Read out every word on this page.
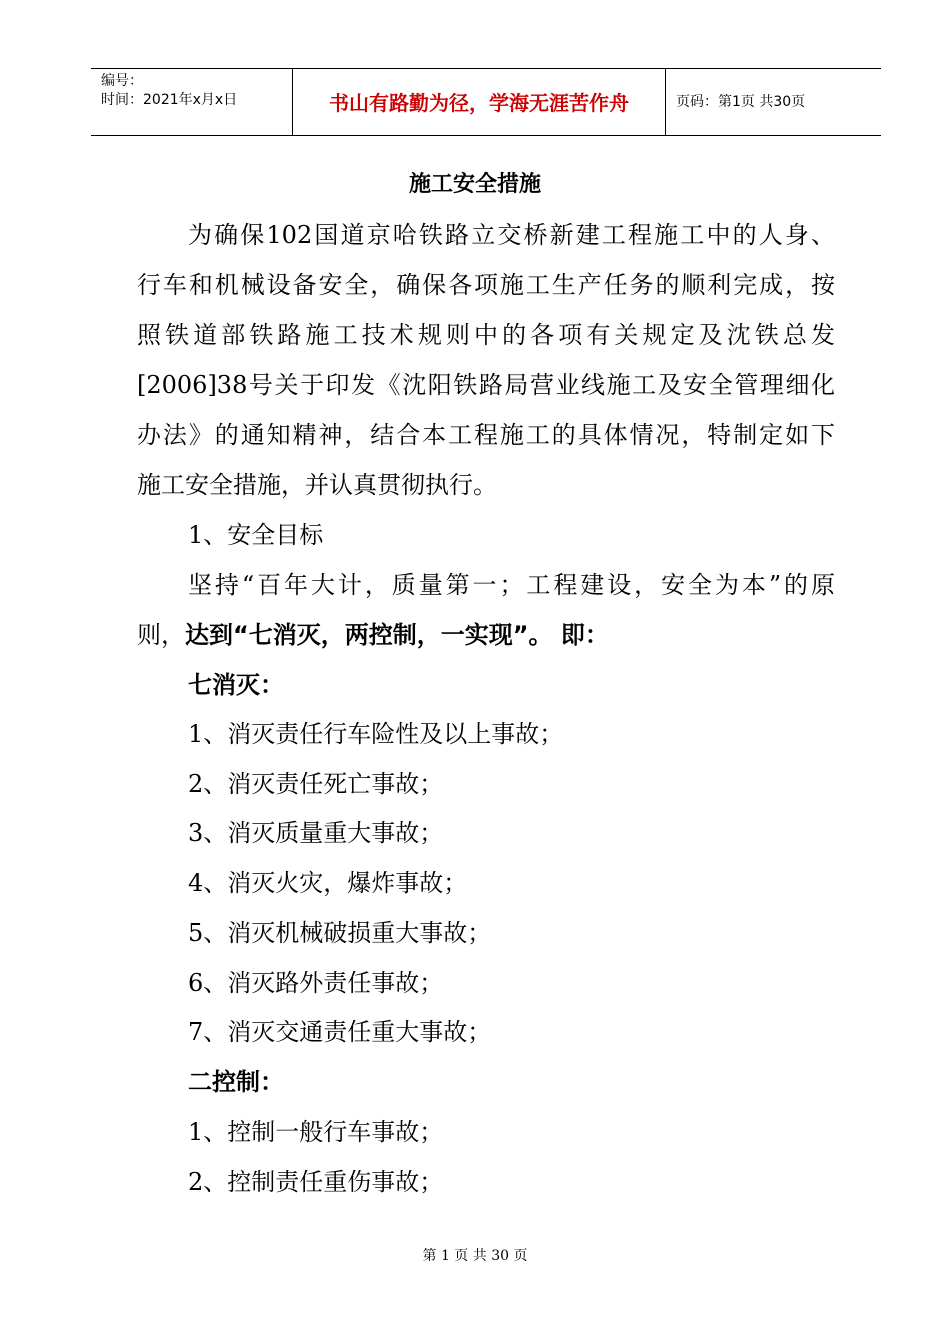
编号：
时间：2021年x月x日	书山有路勤为径，学海无涯苦作舟	页码：第1页 共30页
施工安全措施
为确保102国道京哈铁路立交桥新建工程施工中的人身、
行车和机械设备安全，确保各项施工生产任务的顺利完成，按
照铁道部铁路施工技术规则中的各项有关规定及沈铁总发
[2006]38号关于印发《沈阳铁路局营业线施工及安全管理细化
办法》的通知精神，结合本工程施工的具体情况，特制定如下
施工安全措施，并认真贯彻执行。
1、安全目标
坚持“百年大计，质量第一；工程建设，安全为本”的原
则，达到“七消灭，两控制，一实现”。 即：
七消灭：
1、消灭责任行车险性及以上事故；
2、消灭责任死亡事故；
3、消灭质量重大事故；
4、消灭火灾，爆炸事故；
5、消灭机械破损重大事故；
6、消灭路外责任事故；
7、消灭交通责任重大事故；
二控制：
1、控制一般行车事故；
2、控制责任重伤事故；
第 1 页 共 30 页
